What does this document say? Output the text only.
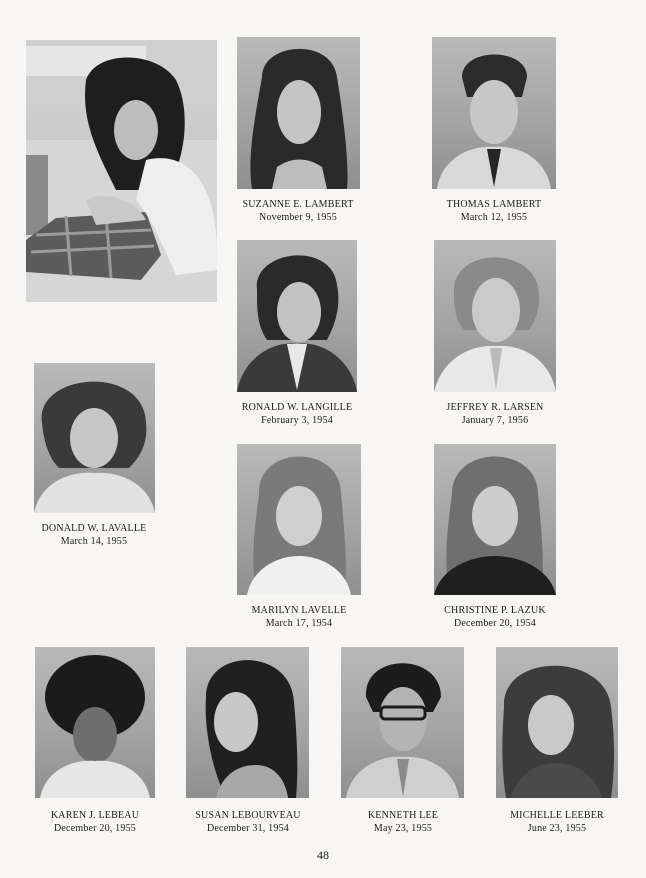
SUZANNE E. LAMBERT
November 9, 1955
THOMAS LAMBERT
March 12, 1955
RONALD W. LANGILLE
February 3, 1954
JEFFREY R. LARSEN
January 7, 1956
DONALD W. LAVALLE
March 14, 1955
MARILYN LAVELLE
March 17, 1954
CHRISTINE P. LAZUK
December 20, 1954
KAREN J. LEBEAU
December 20, 1955
SUSAN LEBOURVEAU
December 31, 1954
KENNETH LEE
May 23, 1955
MICHELLE LEEBER
June 23, 1955
48
